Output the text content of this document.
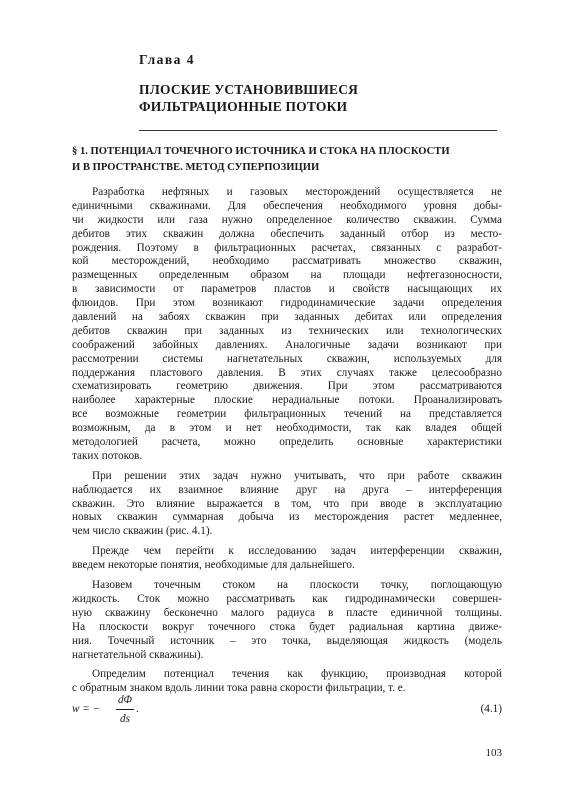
Глава 4
ПЛОСКИЕ УСТАНОВИВШИЕСЯ
ФИЛЬТРАЦИОННЫЕ ПОТОКИ
§ 1. ПОТЕНЦИАЛ ТОЧЕЧНОГО ИСТОЧНИКА И СТОКА НА ПЛОСКОСТИ
И В ПРОСТРАНСТВЕ. МЕТОД СУПЕРПОЗИЦИИ
Разработка нефтяных и газовых месторождений осуществляется не
единичными скважинами. Для обеспечения необходимого уровня добы-
чи жидкости или газа нужно определенное количество скважин. Сумма
дебитов этих скважин должна обеспечить заданный отбор из место-
рождения. Поэтому в фильтрационных расчетах, связанных с разработ-
кой месторождений, необходимо рассматривать множество скважин,
размещенных определенным образом на площади нефтегазоносности,
в зависимости от параметров пластов и свойств насыщающих их
флюидов. При этом возникают гидродинамические задачи определения
давлений на забоях скважин при заданных дебитах или определения
дебитов скважин при заданных из технических или технологических
соображений забойных давлениях. Аналогичные задачи возникают при
рассмотрении системы нагнетательных скважин, используемых для
поддержания пластового давления. В этих случаях также целесообразно
схематизировать геометрию движения. При этом рассматриваются
наиболее характерные плоские нерадиальные потоки. Проанализировать
все возможные геометрии фильтрационных течений на представляется
возможным, да в этом и нет необходимости, так как владея общей
методологией расчета, можно определить основные характеристики
таких потоков.
При решении этих задач нужно учитывать, что при работе скважин
наблюдается их взаимное влияние друг на друга – интерференция
скважин. Это влияние выражается в том, что при вводе в эксплуатацию
новых скважин суммарная добыча из месторождения растет медленнее,
чем число скважин (рис. 4.1).
Прежде чем перейти к исследованию задач интерференции скважин,
введем некоторые понятия, необходимые для дальнейшего.
Назовем точечным стоком на плоскости точку, поглощающую
жидкость. Сток можно рассматривать как гидродинамически совершен-
ную скважину бесконечно малого радиуса в пласте единичной толщины.
На плоскости вокруг точечного стока будет радиальная картина движе-
ния. Точечный источник – это точка, выделяющая жидкость (модель
нагнетательной скважины).
Определим потенциал течения как функцию, производная которой
с обратным знаком вдоль линии тока равна скорости фильтрации, т. е.
w = −
dΦ
ds
.	(4.1)
103
